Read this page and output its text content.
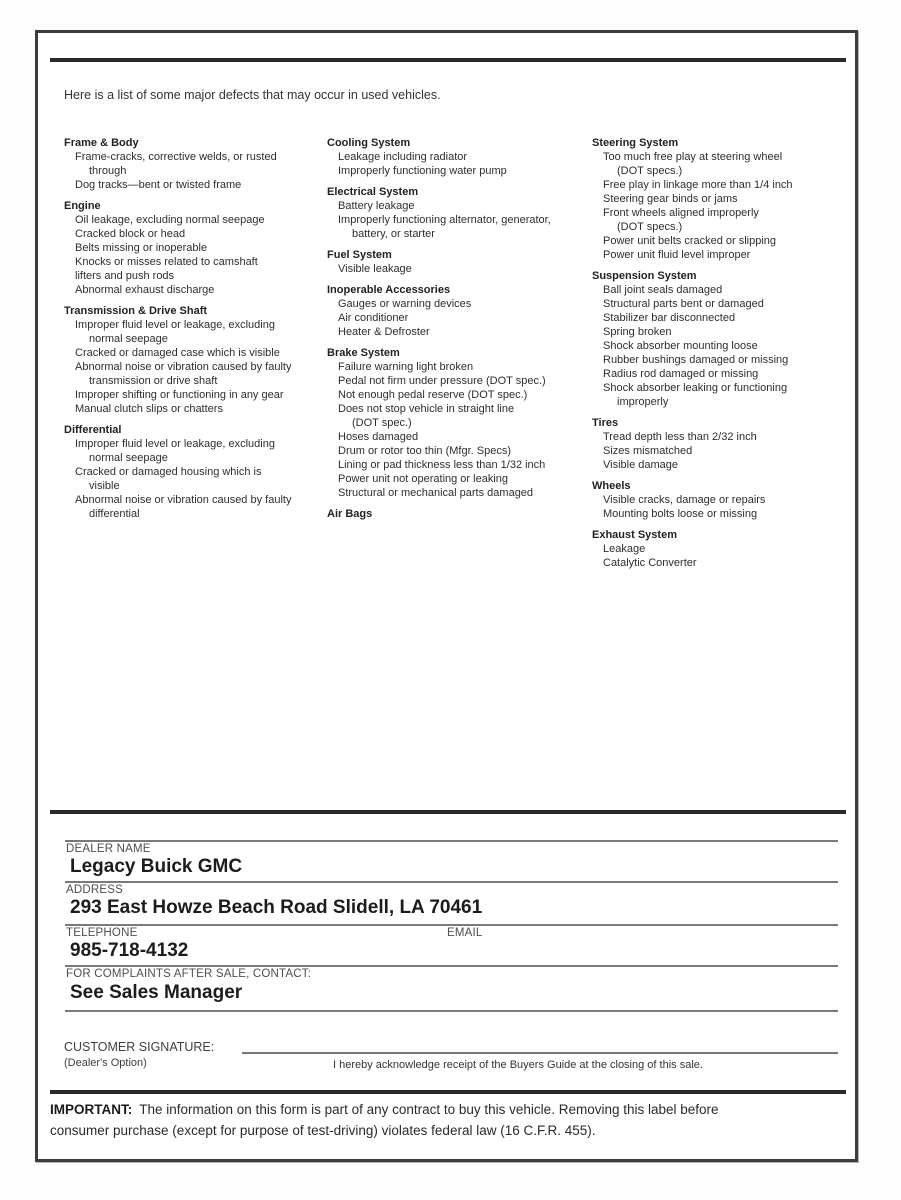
Here is a list of some major defects that may occur in used vehicles.
Frame & Body
Frame-cracks, corrective welds, or rusted
through
Dog tracks—bent or twisted frame
Engine
Oil leakage, excluding normal seepage
Cracked block or head
Belts missing or inoperable
Knocks or misses related to camshaft
lifters and push rods
Abnormal exhaust discharge
Transmission & Drive Shaft
Improper fluid level or leakage, excluding
normal seepage
Cracked or damaged case which is visible
Abnormal noise or vibration caused by faulty
transmission or drive shaft
Improper shifting or functioning in any gear
Manual clutch slips or chatters
Differential
Improper fluid level or leakage, excluding
normal seepage
Cracked or damaged housing which is
visible
Abnormal noise or vibration caused by faulty
differential
Cooling System
Leakage including radiator
Improperly functioning water pump
Electrical System
Battery leakage
Improperly functioning alternator, generator,
battery, or starter
Fuel System
Visible leakage
Inoperable Accessories
Gauges or warning devices
Air conditioner
Heater & Defroster
Brake System
Failure warning light broken
Pedal not firm under pressure (DOT spec.)
Not enough pedal reserve (DOT spec.)
Does not stop vehicle in straight line
(DOT spec.)
Hoses damaged
Drum or rotor too thin (Mfgr. Specs)
Lining or pad thickness less than 1/32 inch
Power unit not operating or leaking
Structural or mechanical parts damaged
Air Bags
Steering System
Too much free play at steering wheel
(DOT specs.)
Free play in linkage more than 1/4 inch
Steering gear binds or jams
Front wheels aligned improperly
(DOT specs.)
Power unit belts cracked or slipping
Power unit fluid level improper
Suspension System
Ball joint seals damaged
Structural parts bent or damaged
Stabilizer bar disconnected
Spring broken
Shock absorber mounting loose
Rubber bushings damaged or missing
Radius rod damaged or missing
Shock absorber leaking or functioning
improperly
Tires
Tread depth less than 2/32 inch
Sizes mismatched
Visible damage
Wheels
Visible cracks, damage or repairs
Mounting bolts loose or missing
Exhaust System
Leakage
Catalytic Converter
DEALER NAME
Legacy Buick GMC
ADDRESS
293 East Howze Beach Road Slidell, LA 70461
TELEPHONE	EMAIL
985-718-4132
FOR COMPLAINTS AFTER SALE, CONTACT:
See Sales Manager
CUSTOMER SIGNATURE:
(Dealer's Option)	I hereby acknowledge receipt of the Buyers Guide at the closing of this sale.
IMPORTANT: The information on this form is part of any contract to buy this vehicle. Removing this label before
consumer purchase (except for purpose of test-driving) violates federal law (16 C.F.R. 455).
